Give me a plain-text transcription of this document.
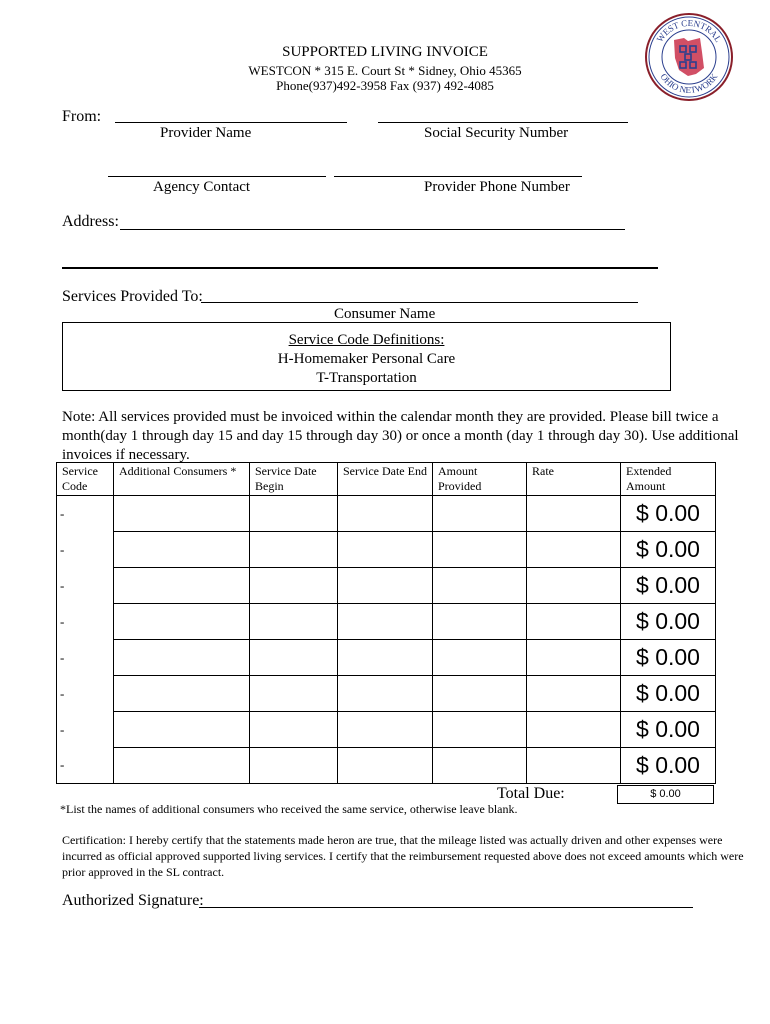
SUPPORTED LIVING INVOICE
WESTCON * 315 E. Court St * Sidney, Ohio 45365
Phone(937)492-3958 Fax (937) 492-4085
WEST CENTRAL
OHIO NETWORK
From:
Provider Name	Social Security Number
Agency Contact	Provider Phone Number
Address:
Services Provided To:
Consumer Name
Service Code Definitions:
H-Homemaker Personal Care
T-Transportation
Note: All services provided must be invoiced within the calendar month they are provided. Please bill twice a month(day 1 through day 15 and day 15 through day 30) or once a month (day 1 through day 30). Use additional invoices if necessary.
Service Code	Additional Consumers *	Service Date Begin	Service Date End	Amount Provided	Rate	Extended Amount
-						$ 0.00
-						$ 0.00
-						$ 0.00
-						$ 0.00
-						$ 0.00
-						$ 0.00
-						$ 0.00
-						$ 0.00
Total Due:	$ 0.00
*List the names of additional consumers who received the same service, otherwise leave blank.
Certification: I hereby certify that the statements made heron are true, that the mileage listed was actually driven and other expenses were incurred as official approved supported living services. I certify that the reimbursement requested above does not exceed amounts which were prior approved in the SL contract.
Authorized Signature:
